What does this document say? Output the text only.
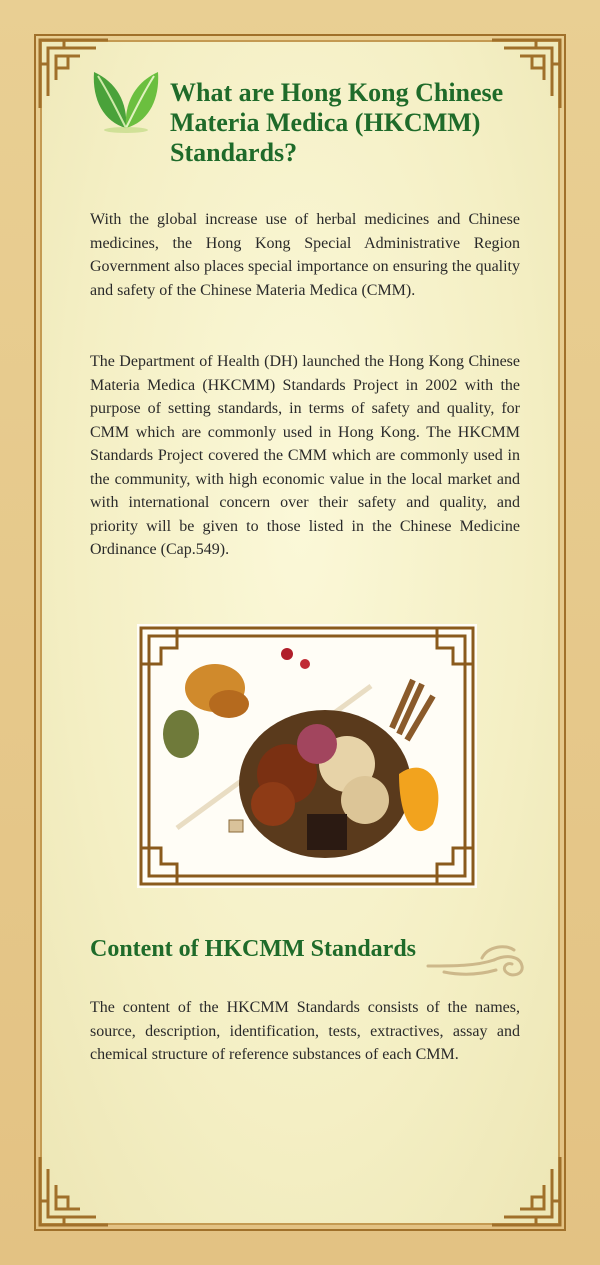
What are Hong Kong Chinese Materia Medica (HKCMM) Standards?

With the global increase use of herbal medicines and Chinese medicines, the Hong Kong Special Administrative Region Government also places special importance on ensuring the quality and safety of the Chinese Materia Medica (CMM).

The Department of Health (DH) launched the Hong Kong Chinese Materia Medica (HKCMM) Standards Project in 2002 with the purpose of setting standards, in terms of safety and quality, for CMM which are commonly used in Hong Kong. The HKCMM Standards Project covered the CMM which are commonly used in the community, with high economic value in the local market and with international concern over their safety and quality, and priority will be given to those listed in the Chinese Medicine Ordinance (Cap.549).

Content of HKCMM Standards

The content of the HKCMM Standards consists of the names, source, description, identification, tests, extractives, assay and chemical structure of reference substances of each CMM.
